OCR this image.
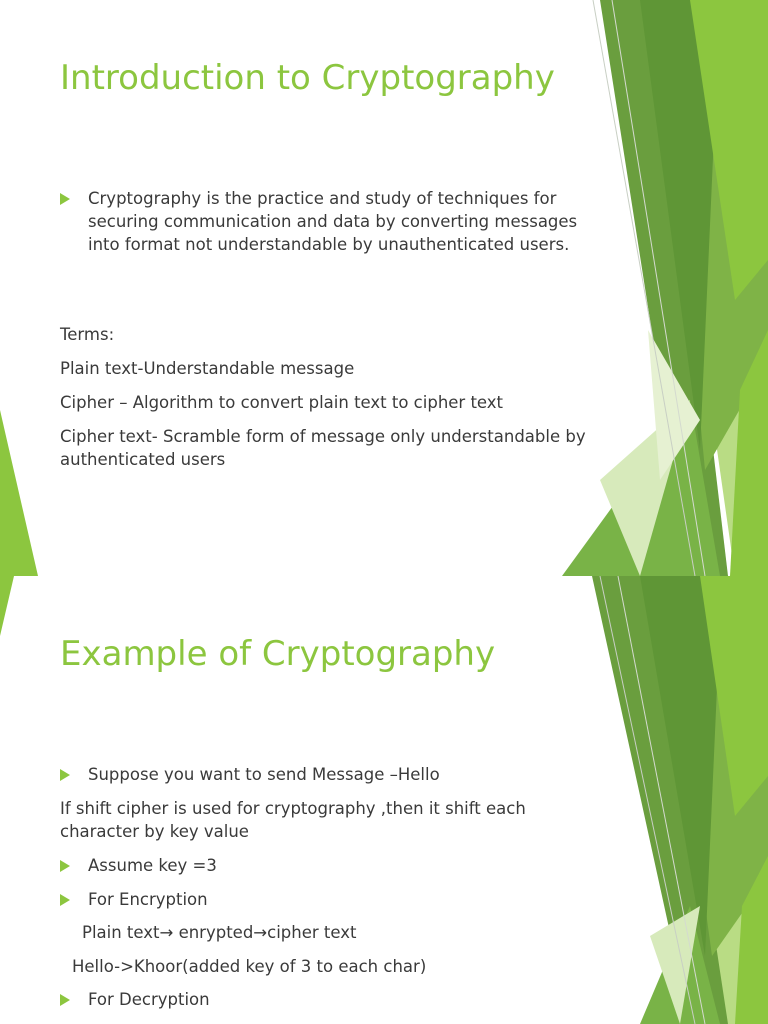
Introduction to Cryptography
Cryptography is the practice and study of techniques for securing communication and data by converting messages into format not understandable by unauthenticated users.

Terms:

Plain text-Understandable message

Cipher – Algorithm to convert plain text to cipher text

Cipher text- Scramble form of message only understandable by authenticated users

Example of Cryptography
Suppose you want to send Message –Hello

If shift cipher is used for cryptography ,then it shift each character by key value

Assume key =3
For Encryption

Plain text→ enrypted→cipher text

Hello->Khoor(added key of 3 to each char)

For Decryption
